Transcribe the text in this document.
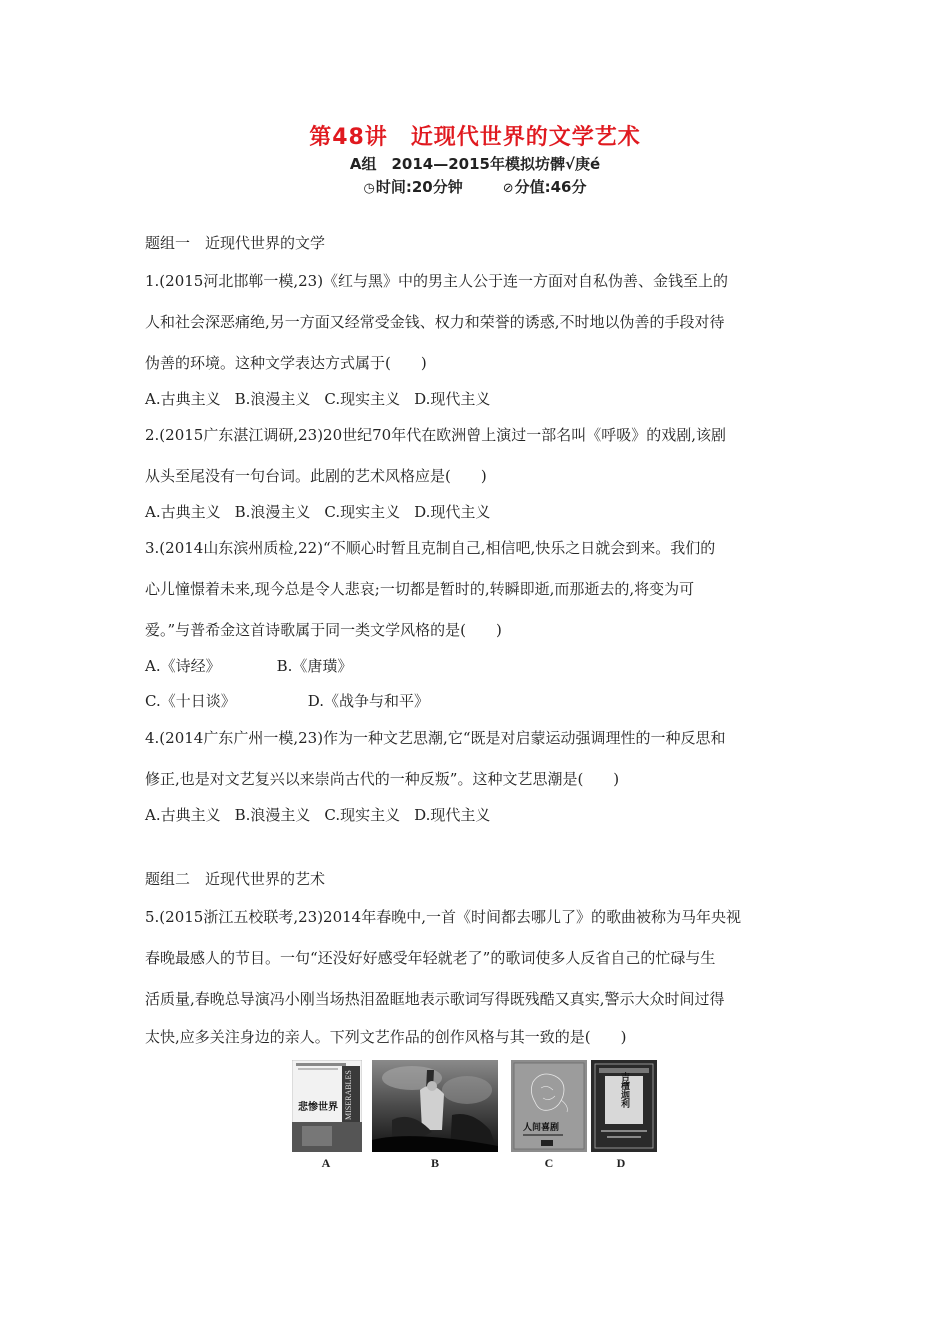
第48讲　近现代世界的文学艺术
A组　2014—2015年模拟坊髀√庚é
◷时间:20分钟	⊘分值:46分
题组一　近现代世界的文学
1.(2015河北邯郸一模,23)《红与黑》中的男主人公于连一方面对自私伪善、金钱至上的
人和社会深恶痛绝,另一方面又经常受金钱、权力和荣誉的诱惑,不时地以伪善的手段对待
伪善的环境。这种文学表达方式属于(　　)
A.古典主义 B.浪漫主义 C.现实主义 D.现代主义
2.(2015广东湛江调研,23)20世纪70年代在欧洲曾上演过一部名叫《呼吸》的戏剧,该剧
从头至尾没有一句台词。此剧的艺术风格应是(　　)
A.古典主义 B.浪漫主义 C.现实主义 D.现代主义
3.(2014山东滨州质检,22)“不顺心时暂且克制自己,相信吧,快乐之日就会到来。我们的
心儿憧憬着未来,现今总是令人悲哀;一切都是暂时的,转瞬即逝,而那逝去的,将变为可
爱。”与普希金这首诗歌属于同一类文学风格的是(　　)
A.《诗经》	B.《唐璜》
C.《十日谈》	D.《战争与和平》
4.(2014广东广州一模,23)作为一种文艺思潮,它“既是对启蒙运动强调理性的一种反思和
修正,也是对文艺复兴以来崇尚古代的一种反叛”。这种文艺思潮是(　　)
A.古典主义 B.浪漫主义 C.现实主义 D.现代主义
题组二　近现代世界的艺术
5.(2015浙江五校联考,23)2014年春晚中,一首《时间都去哪儿了》的歌曲被称为马年央视
春晚最感人的节目。一句“还没好好感受年轻就老了”的歌词使多人反省自己的忙碌与生
活质量,春晚总导演冯小刚当场热泪盈眶地表示歌词写得既残酷又真实,警示大众时间过得
太快,应多关注身边的亲人。下列文艺作品的创作风格与其一致的是(　　)
MISERABLES
悲惨世界
人间喜剧
吉檀迦利
A	B	C	D
